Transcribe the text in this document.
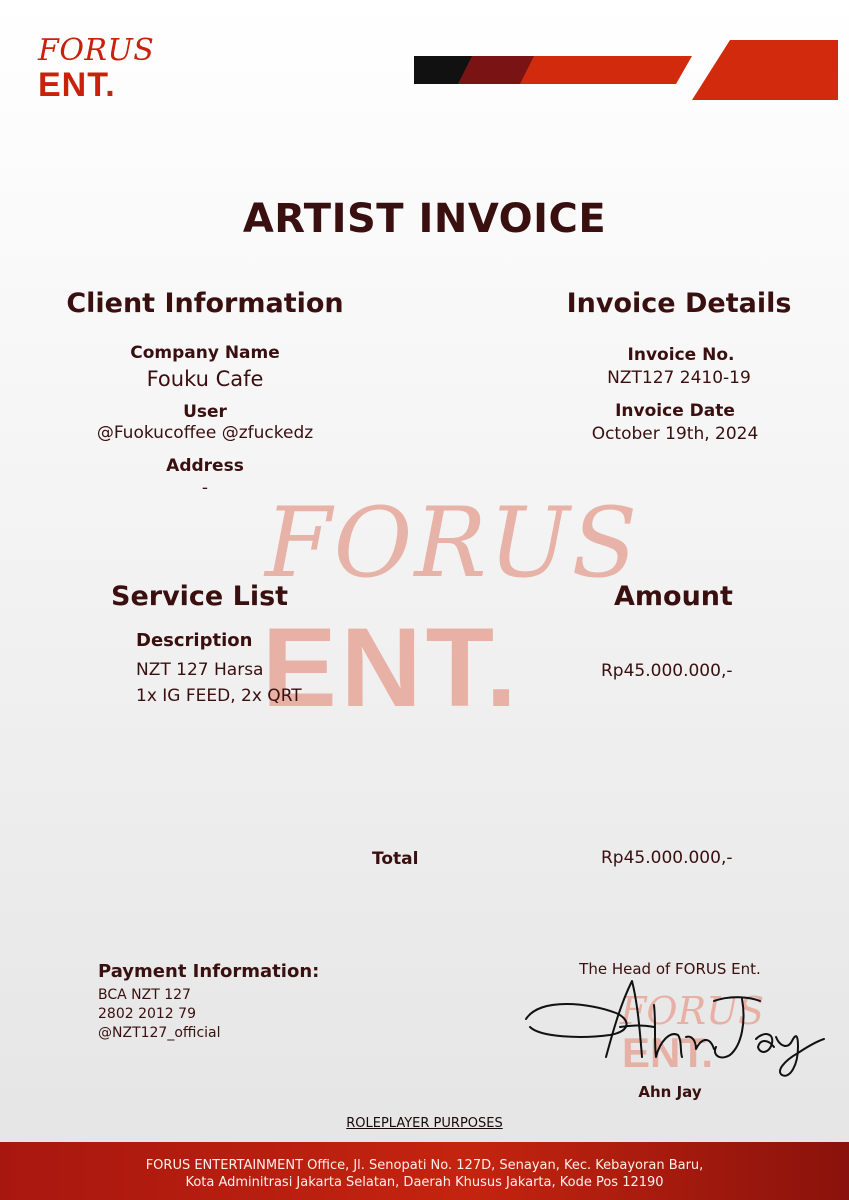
FORUS
ENT.
FORUS
ENT.
ARTIST INVOICE
Client Information
Company Name
Fouku Cafe
User
@Fuokucoffee @zfuckedz
Address
-
Invoice Details
Invoice No.
NZT127 2410-19
Invoice Date
October 19th, 2024
Service List	Amount
Description
NZT 127 Harsa
1x IG FEED, 2x QRT
Rp45.000.000,-
Total	Rp45.000.000,-
Payment Information:
BCA NZT 127
2802 2012 79
@NZT127_official
The Head of FORUS Ent.
FORUS
ENT.
Ahn Jay
ROLEPLAYER PURPOSES
FORUS ENTERTAINMENT Office, Jl. Senopati No. 127D, Senayan, Kec. Kebayoran Baru,
Kota Adminitrasi Jakarta Selatan, Daerah Khusus Jakarta, Kode Pos 12190
